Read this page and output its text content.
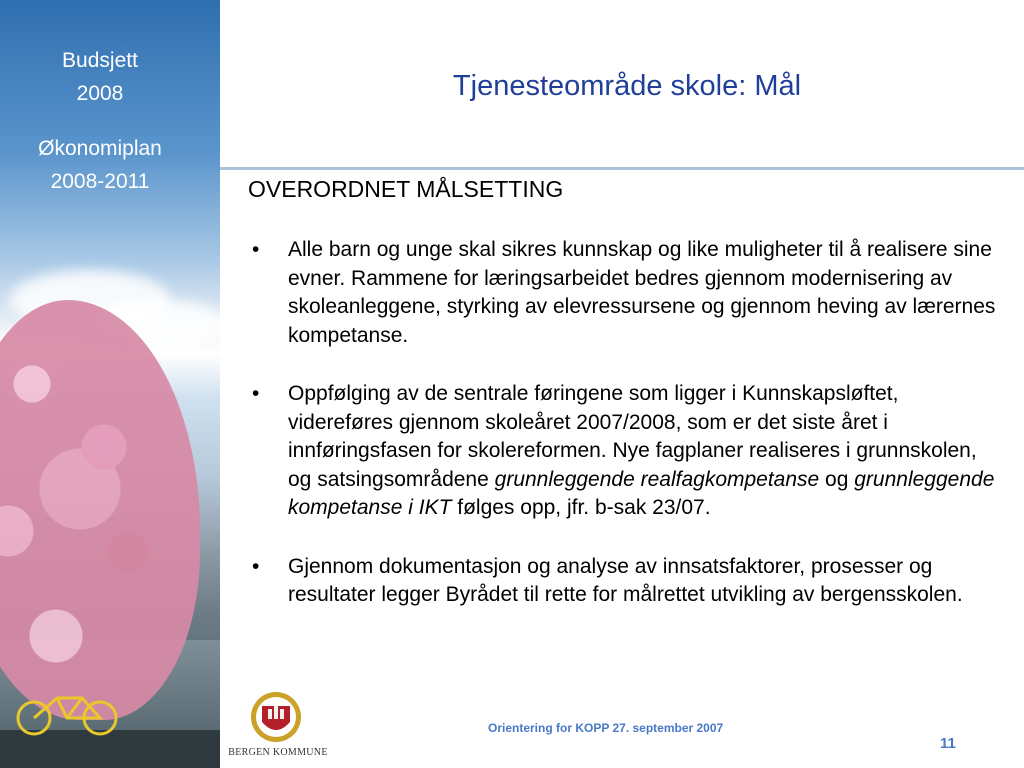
Budsjett
2008
Økonomiplan
2008-2011
Tjenesteområde skole: Mål
OVERORDNET MÅLSETTING
• Alle barn og unge skal sikres kunnskap og like muligheter til å realisere sine evner. Rammene for læringsarbeidet bedres gjennom modernisering av skoleanleggene, styrking av elevressursene og gjennom heving av lærernes kompetanse.
• Oppfølging av de sentrale føringene som ligger i Kunnskapsløftet, videreføres gjennom skoleåret 2007/2008, som er det siste året i innføringsfasen for skolereformen. Nye fagplaner realiseres i grunnskolen, og satsingsområdene grunnleggende realfagkompetanse og grunnleggende kompetanse i IKT følges opp, jfr. b-sak 23/07.
• Gjennom dokumentasjon og analyse av innsatsfaktorer, prosesser og resultater legger Byrådet til rette for målrettet utvikling av bergensskolen.
BERGEN KOMMUNE
Orientering for KOPP 27. september 2007
11
